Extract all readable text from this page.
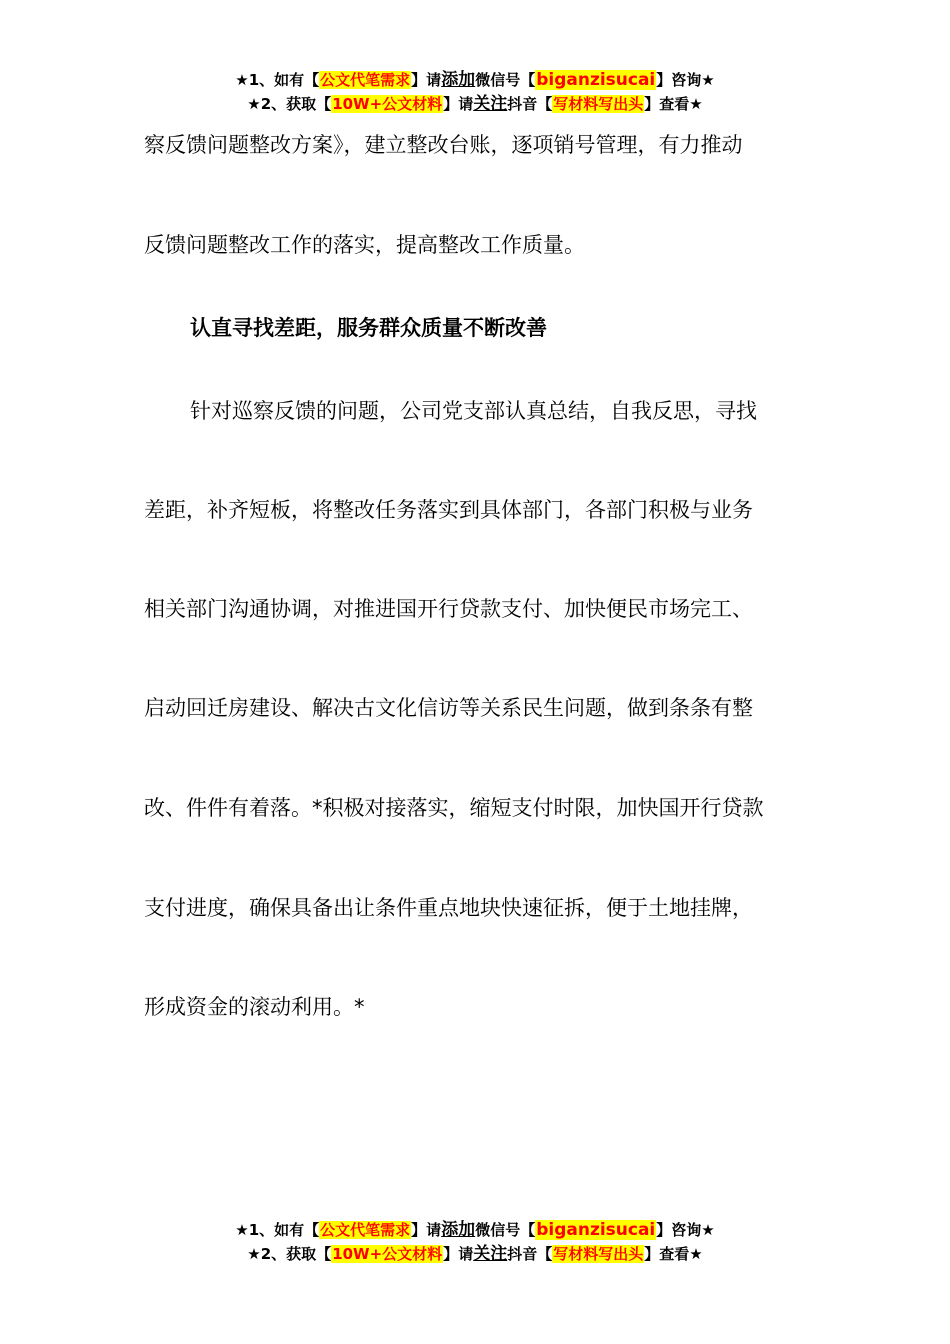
★1、如有【公文代笔需求】请添加微信号【biganzisucai】咨询★
★2、获取【10W+公文材料】请关注抖音【写材料写出头】查看★
察反馈问题整改方案》，建立整改台账，逐项销号管理，有力推动
反馈问题整改工作的落实，提高整改工作质量。
认直寻找差距，服务群众质量不断改善
针对巡察反馈的问题，公司党支部认真总结，自我反思，寻找
差距，补齐短板，将整改任务落实到具体部门，各部门积极与业务
相关部门沟通协调，对推进国开行贷款支付、加快便民市场完工、
启动回迁房建设、解决古文化信访等关系民生问题，做到条条有整
改、件件有着落。*积极对接落实，缩短支付时限，加快国开行贷款
支付进度，确保具备出让条件重点地块快速征拆，便于土地挂牌，
形成资金的滚动利用。*
★1、如有【公文代笔需求】请添加微信号【biganzisucai】咨询★
★2、获取【10W+公文材料】请关注抖音【写材料写出头】查看★
